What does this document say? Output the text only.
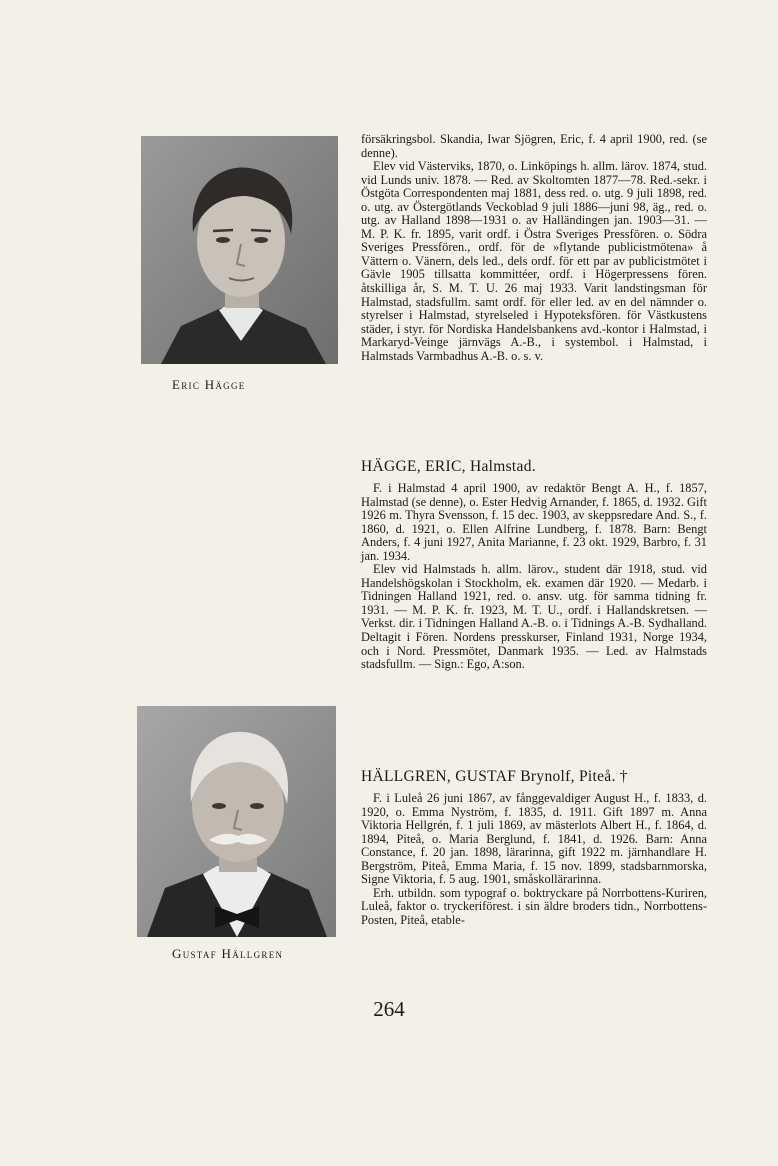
Eric Hägge
Gustaf Hällgren

försäkringsbol. Skandia, Iwar Sjögren, Eric, f. 4 april 1900, red. (se denne).

Elev vid Västerviks, 1870, o. Linköpings h. allm. lärov. 1874, stud. vid Lunds univ. 1878. — Red. av Skoltomten 1877—78. Red.-sekr. i Östgöta Correspondenten maj 1881, dess red. o. utg. 9 juli 1898, red. o. utg. av Östergötlands Veckoblad 9 juli 1886—juni 98, äg., red. o. utg. av Halland 1898—1931 o. av Halländingen jan. 1903—31. — M. P. K. fr. 1895, varit ordf. i Östra Sveriges Pressfören. o. Södra Sveriges Pressfören., ordf. för de »flytande publicistmötena» å Vättern o. Vänern, dels led., dels ordf. för ett par av publicistmötet i Gävle 1905 tillsatta kommittéer, ordf. i Högerpressens fören. åtskilliga år, S. M. T. U. 26 maj 1933. Varit landstingsman för Halmstad, stadsfullm. samt ordf. för eller led. av en del nämnder o. styrelser i Halmstad, styrelseled i Hypoteksfören. för Västkustens städer, i styr. för Nordiska Handelsbankens avd.-kontor i Halmstad, i Markaryd-Veinge järnvägs A.-B., i systembol. i Halmstad, i Halmstads Varmbadhus A.-B. o. s. v.

HÄGGE, ERIC, Halmstad.

F. i Halmstad 4 april 1900, av redaktör Bengt A. H., f. 1857, Halmstad (se denne), o. Ester Hedvig Arnander, f. 1865, d. 1932. Gift 1926 m. Thyra Svensson, f. 15 dec. 1903, av skeppsredare And. S., f. 1860, d. 1921, o. Ellen Alfrine Lundberg, f. 1878. Barn: Bengt Anders, f. 4 juni 1927, Anita Marianne, f. 23 okt. 1929, Barbro, f. 31 jan. 1934.

Elev vid Halmstads h. allm. lärov., student där 1918, stud. vid Handelshögskolan i Stockholm, ek. examen där 1920. — Medarb. i Tidningen Halland 1921, red. o. ansv. utg. för samma tidning fr. 1931. — M. P. K. fr. 1923, M. T. U., ordf. i Hallandskretsen. — Verkst. dir. i Tidningen Halland A.-B. o. i Tidnings A.-B. Sydhalland. Deltagit i Fören. Nordens presskurser, Finland 1931, Norge 1934, och i Nord. Pressmötet, Danmark 1935. — Led. av Halmstads stadsfullm. — Sign.: Ego, A:son.

HÄLLGREN, GUSTAF Brynolf, Piteå. †

F. i Luleå 26 juni 1867, av fånggevaldiger August H., f. 1833, d. 1920, o. Emma Nyström, f. 1835, d. 1911. Gift 1897 m. Anna Viktoria Hellgrén, f. 1 juli 1869, av mästerlots Albert H., f. 1864, d. 1894, Piteå, o. Maria Berglund, f. 1841, d. 1926. Barn: Anna Constance, f. 20 jan. 1898, lärarinna, gift 1922 m. järnhandlare H. Bergström, Piteå, Emma Maria, f. 15 nov. 1899, stadsbarnmorska, Signe Viktoria, f. 5 aug. 1901, småskollärarinna.

Erh. utbildn. som typograf o. boktryckare på Norrbottens-Kuriren, Luleå, faktor o. tryckeriförest. i sin äldre broders tidn., Norrbottens-Posten, Piteå, etable-

264
